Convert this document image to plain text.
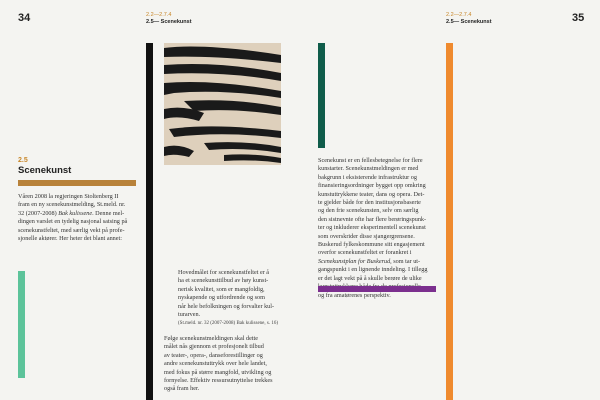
34	2.2—2.7.4
2.5— Scenekunst
2.5
Scenekunst
Våren 2008 la regjeringen Stoltenberg II
fram en ny scenekunstmelding, St.meld. nr.
32 (2007-2008) Bak kulissene. Denne mel-
dingen varslet en tydelig nasjonal satsing på
scenekunstfeltet, med særlig vekt på profe-
sjonelle aktører. Her heter det blant annet:
Hovedmålet for scenekunstfeltet er å
ha et scenekunsttilbud av høy kunst-
nerisk kvalitet, som er mangfoldig,
nyskapende og utfordrende og som
når hele befolkningen og forvalter kul-
turarven.
(St.meld. nr. 32 (2007-2008) Bak kulissene, s. 16)
Følge scenekunstmeldingen skal dette
målet nås gjennom et profesjonelt tilbud
av teater-, opera-, danseforestillinger og
andre scenekunstuttrykk over hele landet,
med fokus på større mangfold, utvikling og
fornyelse. Effektiv ressursutnyttelse trekkes
også fram her.
35
2.2—2.7.4
2.5— Scenekunst
Scenekunst er en fellesbetegnelse for flere
kunstarter. Scenekunstmeldingen er med
bakgrunn i eksisterende infrastruktur og
finansieringsordninger bygget opp omkring
kunstuttrykkene teater, dans og opera. Det-
te gjelder både for den institusjonsbaserte
og den frie scenekunsten, selv om særlig
den sistnevnte ofte har flere berøringspunk-
ter og inkluderer eksperimentell scenekunst
som overskrider disse sjangergrensene.
Buskerud fylkeskommune sitt engasjement
overfor scenekunstfeltet er forankret i
Scenekunstplan for Buskerud, som tar ut-
gangspunkt i en lignende inndeling. I tillegg
er det lagt vekt på å skulle berøre de ulike
og fra amatørenes perspektiv.
